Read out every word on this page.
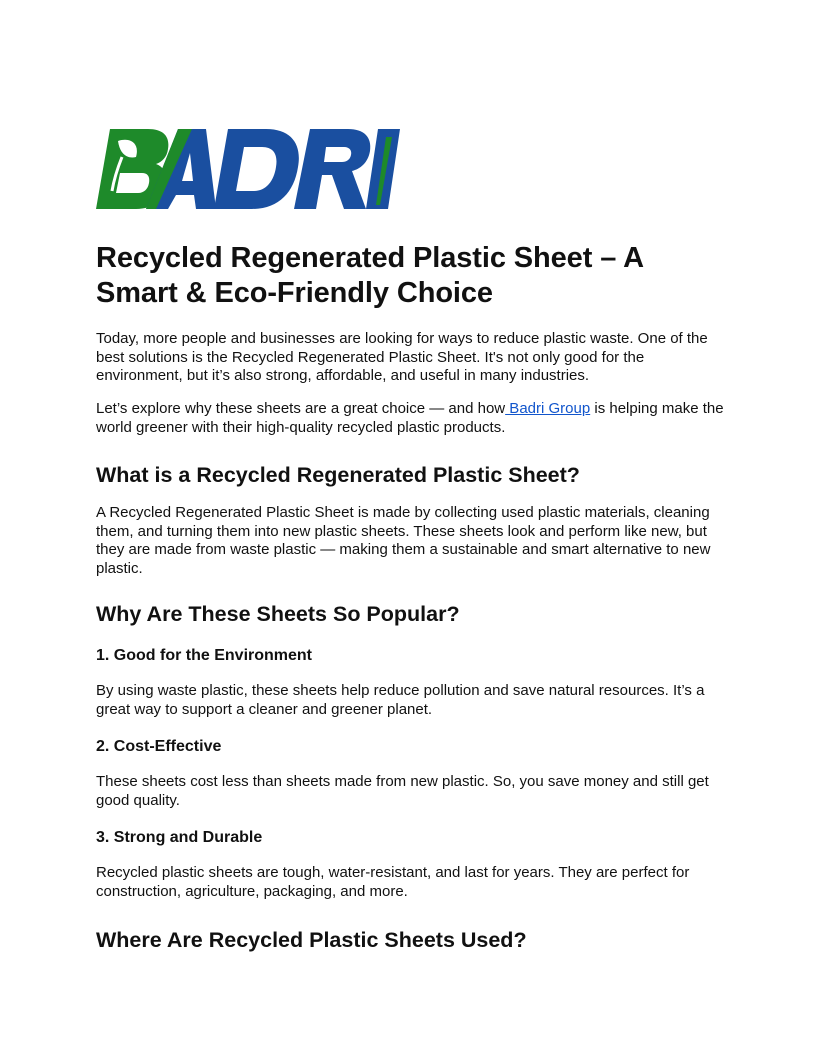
Recycled Regenerated Plastic Sheet – A Smart & Eco-Friendly Choice

Today, more people and businesses are looking for ways to reduce plastic waste. One of the best solutions is the Recycled Regenerated Plastic Sheet. It's not only good for the environment, but it’s also strong, affordable, and useful in many industries.

Let’s explore why these sheets are a great choice — and how Badri Group is helping make the world greener with their high-quality recycled plastic products.

What is a Recycled Regenerated Plastic Sheet?

A Recycled Regenerated Plastic Sheet is made by collecting used plastic materials, cleaning them, and turning them into new plastic sheets. These sheets look and perform like new, but they are made from waste plastic — making them a sustainable and smart alternative to new plastic.

Why Are These Sheets So Popular?
1. Good for the Environment

By using waste plastic, these sheets help reduce pollution and save natural resources. It’s a great way to support a cleaner and greener planet.

2. Cost-Effective

These sheets cost less than sheets made from new plastic. So, you save money and still get good quality.

3. Strong and Durable

Recycled plastic sheets are tough, water-resistant, and last for years. They are perfect for construction, agriculture, packaging, and more.

Where Are Recycled Plastic Sheets Used?
